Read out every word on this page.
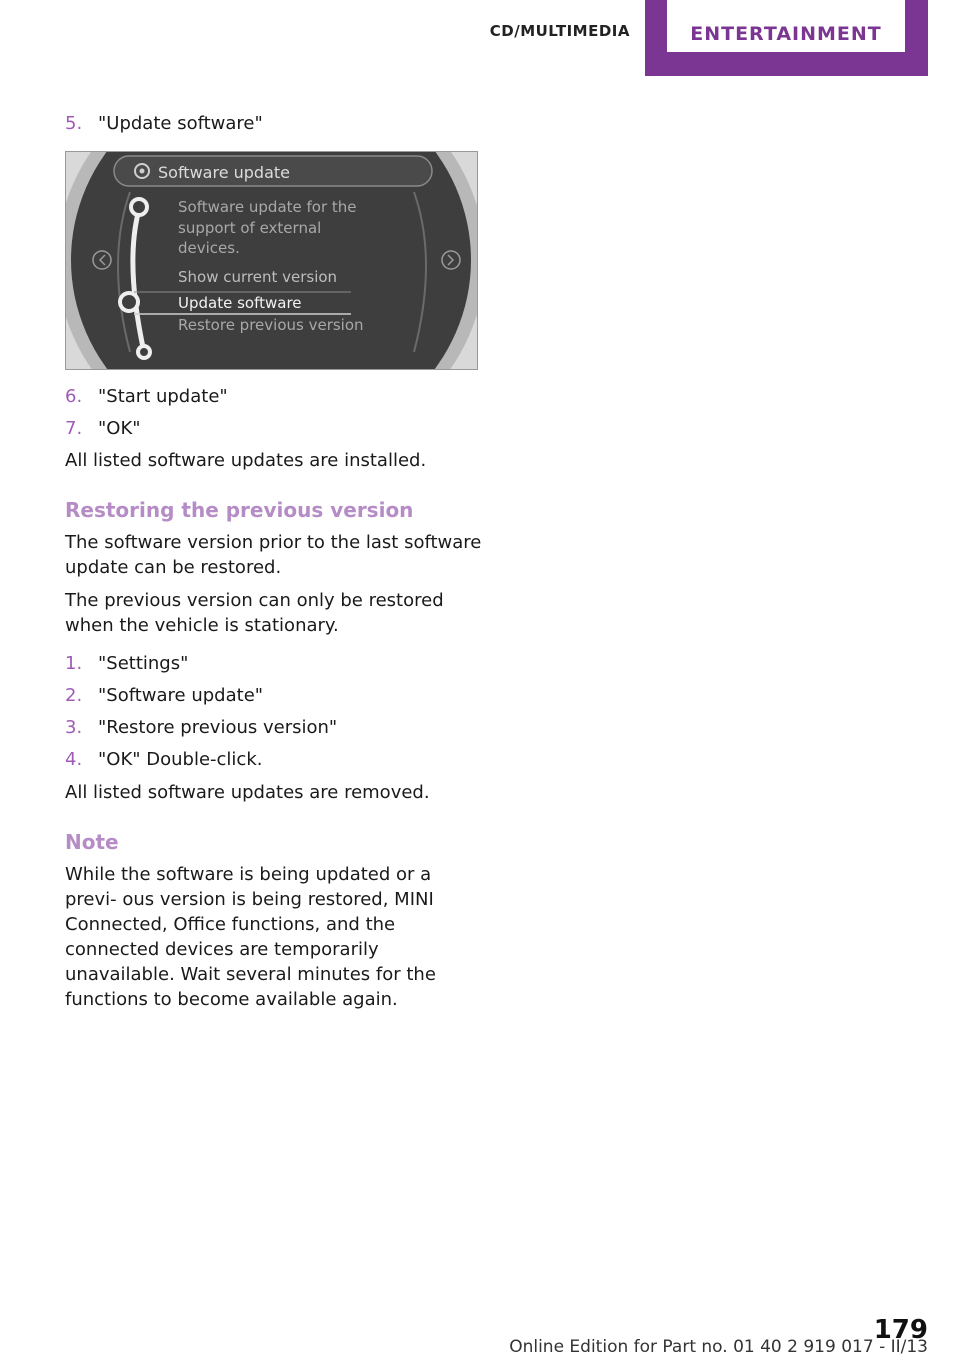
CD/MULTIMEDIA	ENTERTAINMENT
5. "Update software"
6. "Start update"
7. "OK"
All listed software updates are installed.
Restoring the previous version
The software version prior to the last software update can be restored.
The previous version can only be restored when the vehicle is stationary.
1. "Settings"
2. "Software update"
3. "Restore previous version"
4. "OK" Double-click.
All listed software updates are removed.
Note
While the software is being updated or a previ- ous version is being restored, MINI Connected, Office functions, and the connected devices are temporarily unavailable. Wait several minutes for the functions to become available again.
Software update
Software update for the
support of external
devices.
Show current version
Update software
Restore previous version
179
Online Edition for Part no. 01 40 2 919 017 - II/13
